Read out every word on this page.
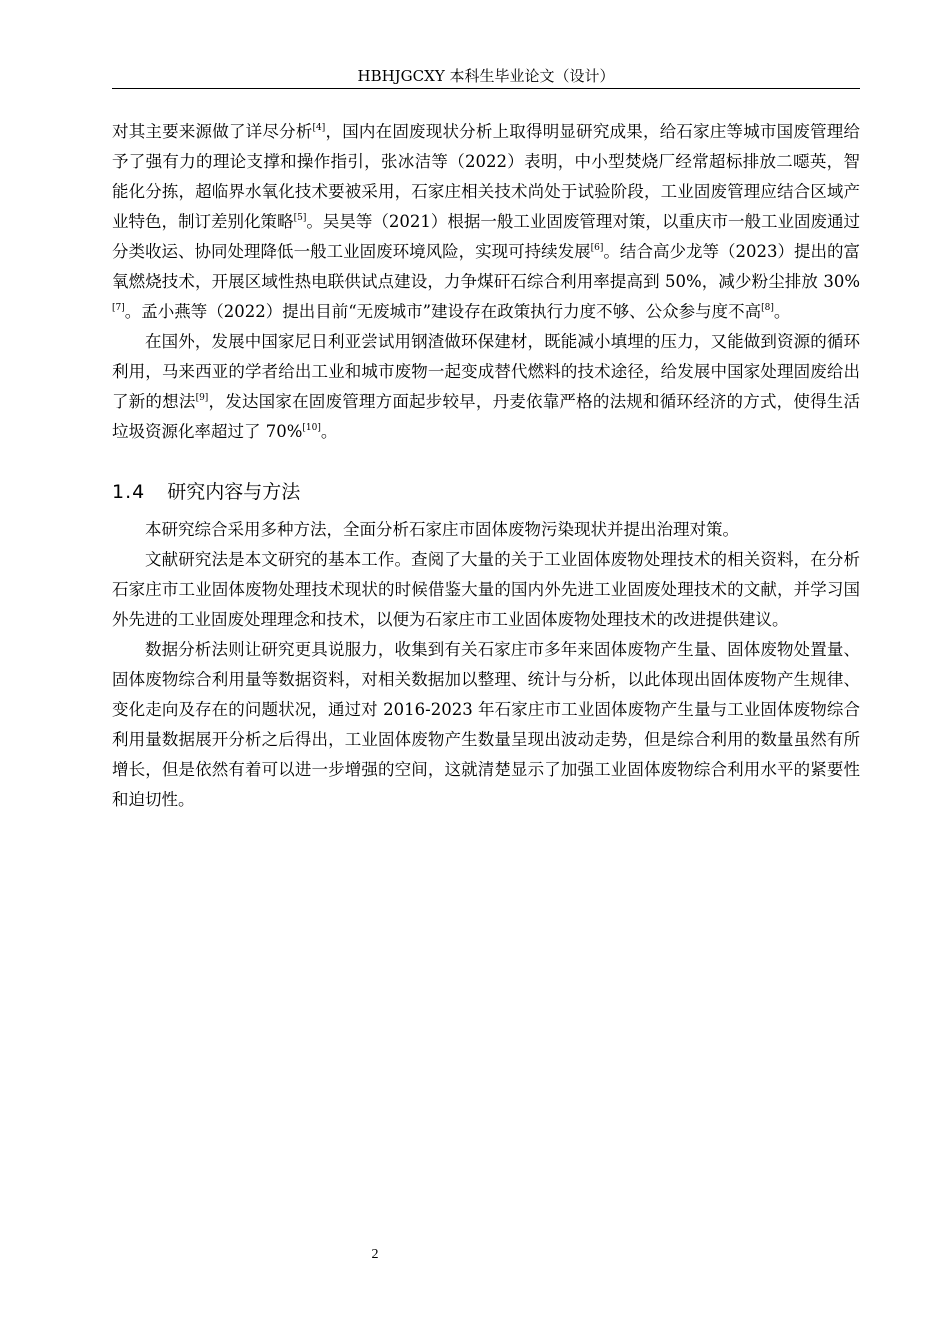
HBHJGCXY 本科生毕业论文（设计）

对其主要来源做了详尽分析[4]，国内在固废现状分析上取得明显研究成果，给石家庄等城市国废管理给予了强有力的理论支撑和操作指引，张冰洁等（2022）表明，中小型焚烧厂经常超标排放二噁英，智能化分拣，超临界水氧化技术要被采用，石家庄相关技术尚处于试验阶段，工业固废管理应结合区域产业特色，制订差别化策略[5]。吴昊等（2021）根据一般工业固废管理对策，以重庆市一般工业固废通过分类收运、协同处理降低一般工业固废环境风险，实现可持续发展[6]。结合高少龙等（2023）提出的富氧燃烧技术，开展区域性热电联供试点建设，力争煤矸石综合利用率提高到 50%，减少粉尘排放 30%[7]。孟小燕等（2022）提出目前“无废城市”建设存在政策执行力度不够、公众参与度不高[8]。

在国外，发展中国家尼日利亚尝试用钢渣做环保建材，既能减小填埋的压力，又能做到资源的循环利用，马来西亚的学者给出工业和城市废物一起变成替代燃料的技术途径，给发展中国家处理固废给出了新的想法[9]，发达国家在固废管理方面起步较早，丹麦依靠严格的法规和循环经济的方式，使得生活垃圾资源化率超过了 70%[10]。

1.4 研究内容与方法

本研究综合采用多种方法，全面分析石家庄市固体废物污染现状并提出治理对策。

文献研究法是本文研究的基本工作。查阅了大量的关于工业固体废物处理技术的相关资料，在分析石家庄市工业固体废物处理技术现状的时候借鉴大量的国内外先进工业固废处理技术的文献，并学习国外先进的工业固废处理理念和技术，以便为石家庄市工业固体废物处理技术的改进提供建议。

数据分析法则让研究更具说服力，收集到有关石家庄市多年来固体废物产生量、固体废物处置量、固体废物综合利用量等数据资料，对相关数据加以整理、统计与分析，以此体现出固体废物产生规律、变化走向及存在的问题状况，通过对 2016-2023 年石家庄市工业固体废物产生量与工业固体废物综合利用量数据展开分析之后得出，工业固体废物产生数量呈现出波动走势，但是综合利用的数量虽然有所增长，但是依然有着可以进一步增强的空间，这就清楚显示了加强工业固体废物综合利用水平的紧要性和迫切性。

2
